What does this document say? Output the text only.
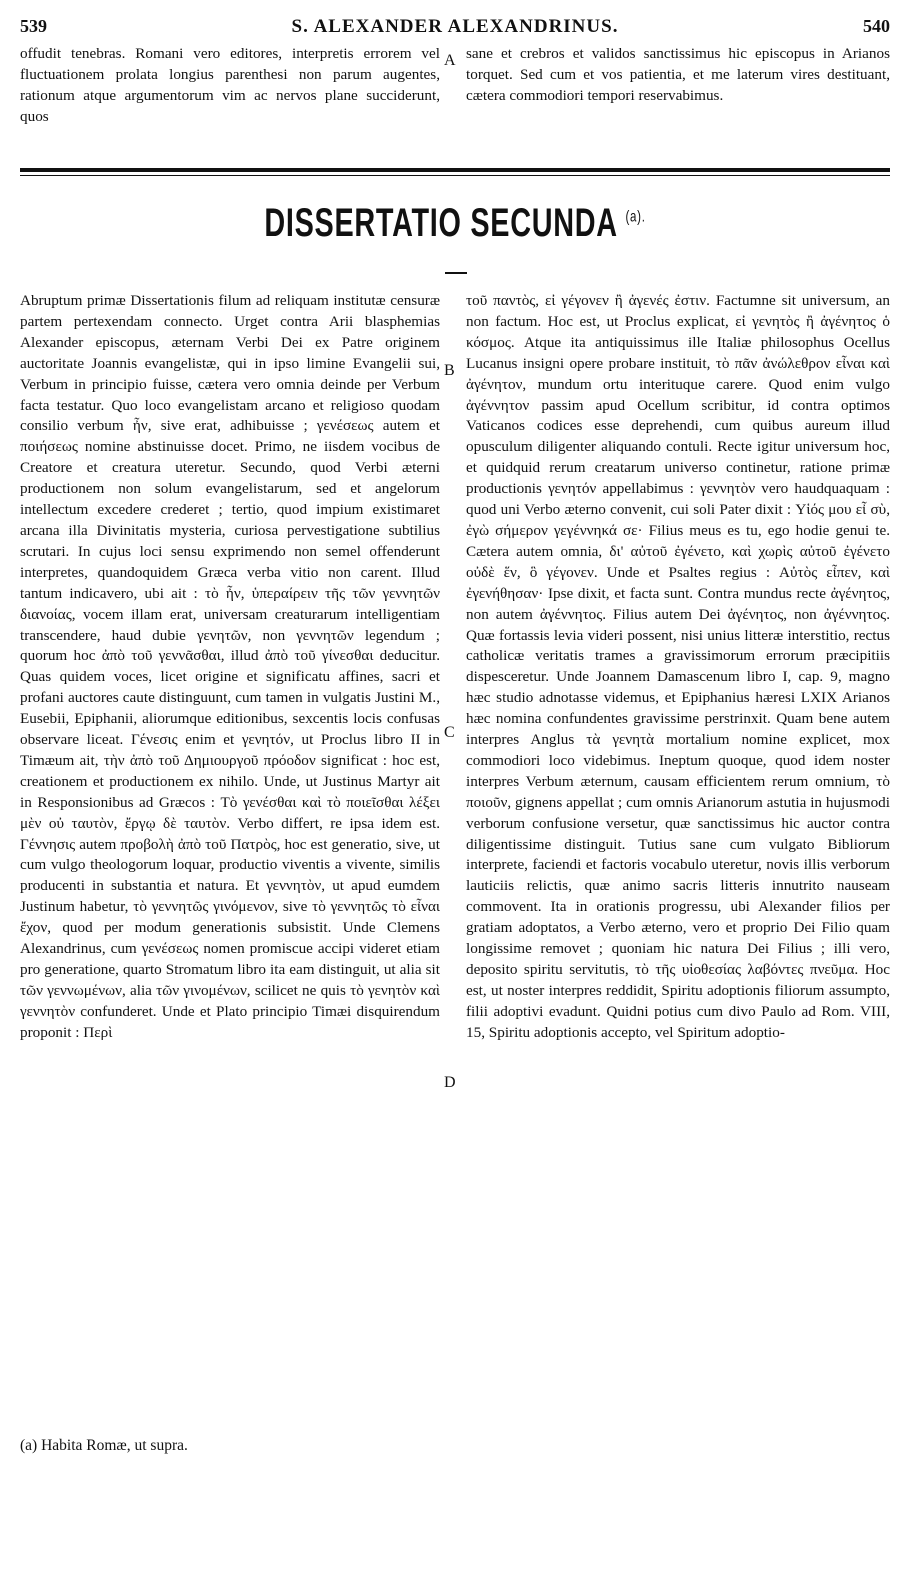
539	S. ALEXANDER ALEXANDRINUS.	540

offudit tenebras. Romani vero editores, interpretis errorem vel fluctuationem prolata longius parenthesi non parum augentes, rationum atque argumentorum vim ac nervos plane succiderunt, quos

sane et crebros et validos sanctissimus hic episcopus in Arianos torquet. Sed cum et vos patientia, et me laterum vires destituant, cætera commodiori tempori reservabimus.

A
DISSERTATIO SECUNDA $^{(a).}$

Abruptum primæ Dissertationis filum ad reliquam institutæ censuræ partem pertexendam connecto. Urget contra Arii blasphemias Alexander episcopus, æternam Verbi Dei ex Patre originem auctoritate Joannis evangelistæ, qui in ipso limine Evangelii sui, Verbum in principio fuisse, cætera vero omnia deinde per Verbum facta testatur. Quo loco evangelistam arcano et religioso quodam consilio verbum ἦν, sive erat, adhibuisse ; γενέσεως autem et ποιήσεως nomine abstinuisse docet. Primo, ne iisdem vocibus de Creatore et creatura uteretur. Secundo, quod Verbi æterni productionem non solum evangelistarum, sed et angelorum intellectum excedere crederet ; tertio, quod impium existimaret arcana illa Divinitatis mysteria, curiosa pervestigatione subtilius scrutari. In cujus loci sensu exprimendo non semel offenderunt interpretes, quandoquidem Græca verba vitio non carent. Illud tantum indicavero, ubi ait : τὸ ἦν, ὑπεραίρειν τῆς τῶν γεννητῶν διανοίας, vocem illam erat, universam creaturarum intelligentiam transcendere, haud dubie γενητῶν, non γεννητῶν legendum ; quorum hoc ἀπὸ τοῦ γεννᾶσθαι, illud ἀπὸ τοῦ γίνεσθαι deducitur. Quas quidem voces, licet origine et significatu affines, sacri et profani auctores caute distinguunt, cum tamen in vulgatis Justini M., Eusebii, Epiphanii, aliorumque editionibus, sexcentis locis confusas observare liceat. Γένεσις enim et γενητόν, ut Proclus libro II in Timæum ait, τὴν ἀπὸ τοῦ Δημιουργοῦ πρόοδον significat : hoc est, creationem et productionem ex nihilo. Unde, ut Justinus Martyr ait in Responsionibus ad Græcos : Τὸ γενέσθαι καὶ τὸ ποιεῖσθαι λέξει μὲν οὐ ταυτὸν, ἔργῳ δὲ ταυτὸν. Verbo differt, re ipsa idem est. Γέννησις autem προβολὴ ἀπὸ τοῦ Πατρὸς, hoc est generatio, sive, ut cum vulgo theologorum loquar, productio viventis a vivente, similis producenti in substantia et natura. Et γεννητὸν, ut apud eumdem Justinum habetur, τὸ γεννητῶς γινόμενον, sive τὸ γεννητῶς τὸ εἶναι ἔχον, quod per modum generationis subsistit. Unde Clemens Alexandrinus, cum γενέσεως nomen promiscue accipi videret etiam pro generatione, quarto Stromatum libro ita eam distinguit, ut alia sit τῶν γεννωμένων, alia τῶν γινομένων, scilicet ne quis τὸ γενητὸν καὶ γεννητὸν confunderet. Unde et Plato principio Timæi disquirendum proponit : Περὶ

B
C
D

τοῦ παντὸς, εἰ γέγονεν ἢ ἀγενές ἐστιν. Factumne sit universum, an non factum. Hoc est, ut Proclus explicat, εἰ γενητὸς ἢ ἀγένητος ὁ κόσμος. Atque ita antiquissimus ille Italiæ philosophus Ocellus Lucanus insigni opere probare instituit, τὸ πᾶν ἀνώλεθρον εἶναι καὶ ἀγένητον, mundum ortu interituque carere. Quod enim vulgo ἀγέννητον passim apud Ocellum scribitur, id contra optimos Vaticanos codices esse deprehendi, cum quibus aureum illud opusculum diligenter aliquando contuli. Recte igitur universum hoc, et quidquid rerum creatarum universo continetur, ratione primæ productionis γενητόν appellabimus : γεννητὸν vero haudquaquam : quod uni Verbo æterno convenit, cui soli Pater dixit : Υἱός μου εἶ σὺ, ἐγὼ σήμερον γεγέννηκά σε· Filius meus es tu, ego hodie genui te. Cætera autem omnia, δι' αὐτοῦ ἐγένετο, καὶ χωρὶς αὐτοῦ ἐγένετο οὐδὲ ἕν, ὃ γέγονεν. Unde et Psaltes regius : Αὐτὸς εἶπεν, καὶ ἐγενήθησαν· Ipse dixit, et facta sunt. Contra mundus recte ἀγένητος, non autem ἀγέννητος. Filius autem Dei ἀγένητος, non ἀγέννητος. Quæ fortassis levia videri possent, nisi unius litteræ interstitio, rectus catholicæ veritatis trames a gravissimorum errorum præcipitiis dispesceretur. Unde Joannem Damascenum libro I, cap. 9, magno hæc studio adnotasse videmus, et Epiphanius hæresi LXIX Arianos hæc nomina confundentes gravissime perstrinxit. Quam bene autem interpres Anglus τὰ γενητὰ mortalium nomine explicet, mox commodiori loco videbimus. Ineptum quoque, quod idem noster interpres Verbum æternum, causam efficientem rerum omnium, τὸ ποιοῦν, gignens appellat ; cum omnis Arianorum astutia in hujusmodi verborum confusione versetur, quæ sanctissimus hic auctor contra diligentissime distinguit. Tutius sane cum vulgato Bibliorum interprete, faciendi et factoris vocabulo uteretur, novis illis verborum lauticiis relictis, quæ animo sacris litteris innutrito nauseam commovent. Ita in orationis progressu, ubi Alexander filios per gratiam adoptatos, a Verbo æterno, vero et proprio Dei Filio quam longissime removet ; quoniam hic natura Dei Filius ; illi vero, deposito spiritu servitutis, τὸ τῆς υἱοθεσίας λαβόντες πνεῦμα. Hoc est, ut noster interpres reddidit, Spiritu adoptionis filiorum assumpto, filii adoptivi evadunt. Quidni potius cum divo Paulo ad Rom. VIII, 15, Spiritu adoptionis accepto, vel Spiritum adoptio-

(a) Habita Romæ, ut supra.
